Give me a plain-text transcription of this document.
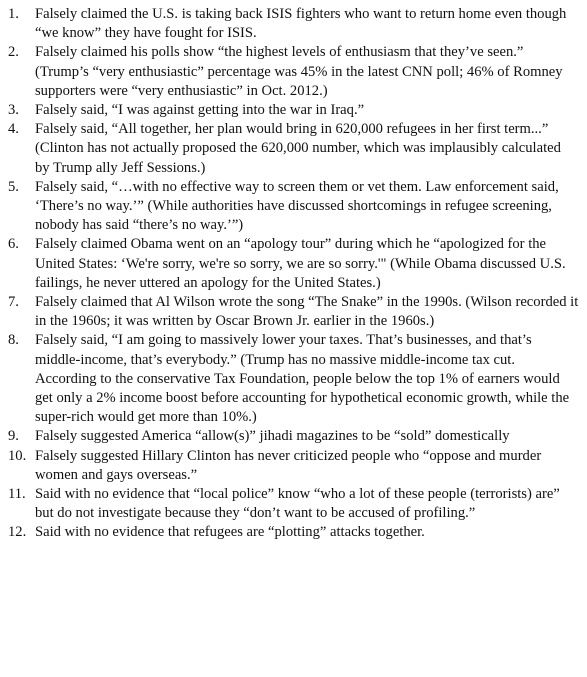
1.	Falsely claimed the U.S. is taking back ISIS fighters who want to return home even though “we know” they have fought for ISIS.
2.	Falsely claimed his polls show “the highest levels of enthusiasm that they’ve seen.” (Trump’s “very enthusiastic” percentage was 45% in the latest CNN poll; 46% of Romney supporters were “very enthusiastic” in Oct. 2012.)
3.	Falsely said, “I was against getting into the war in Iraq.”
4.	Falsely said, “All together, her plan would bring in 620,000 refugees in her first term...” (Clinton has not actually proposed the 620,000 number, which was implausibly calculated by Trump ally Jeff Sessions.)
5.	Falsely said, “…with no effective way to screen them or vet them. Law enforcement said, ‘There’s no way.’” (While authorities have discussed shortcomings in refugee screening, nobody has said “there’s no way.’”)
6.	Falsely claimed Obama went on an “apology tour” during which he “apologized for the United States: ‘We're sorry, we're so sorry, we are so sorry.'" (While Obama discussed U.S. failings, he never uttered an apology for the United States.)
7.	Falsely claimed that Al Wilson wrote the song “The Snake” in the 1990s. (Wilson recorded it in the 1960s; it was written by Oscar Brown Jr. earlier in the 1960s.)
8.	Falsely said, “I am going to massively lower your taxes. That’s businesses, and that’s middle-income, that’s everybody.” (Trump has no massive middle-income tax cut. According to the conservative Tax Foundation, people below the top 1% of earners would get only a 2% income boost before accounting for hypothetical economic growth, while the super-rich would get more than 10%.)
9.	Falsely suggested America “allow(s)” jihadi magazines to be “sold” domestically
10. Falsely suggested Hillary Clinton has never criticized people who “oppose and murder women and gays overseas.”
11. Said with no evidence that “local police” know “who a lot of these people (terrorists) are” but do not investigate because they “don’t want to be accused of profiling.”
12. Said with no evidence that refugees are “plotting” attacks together.
